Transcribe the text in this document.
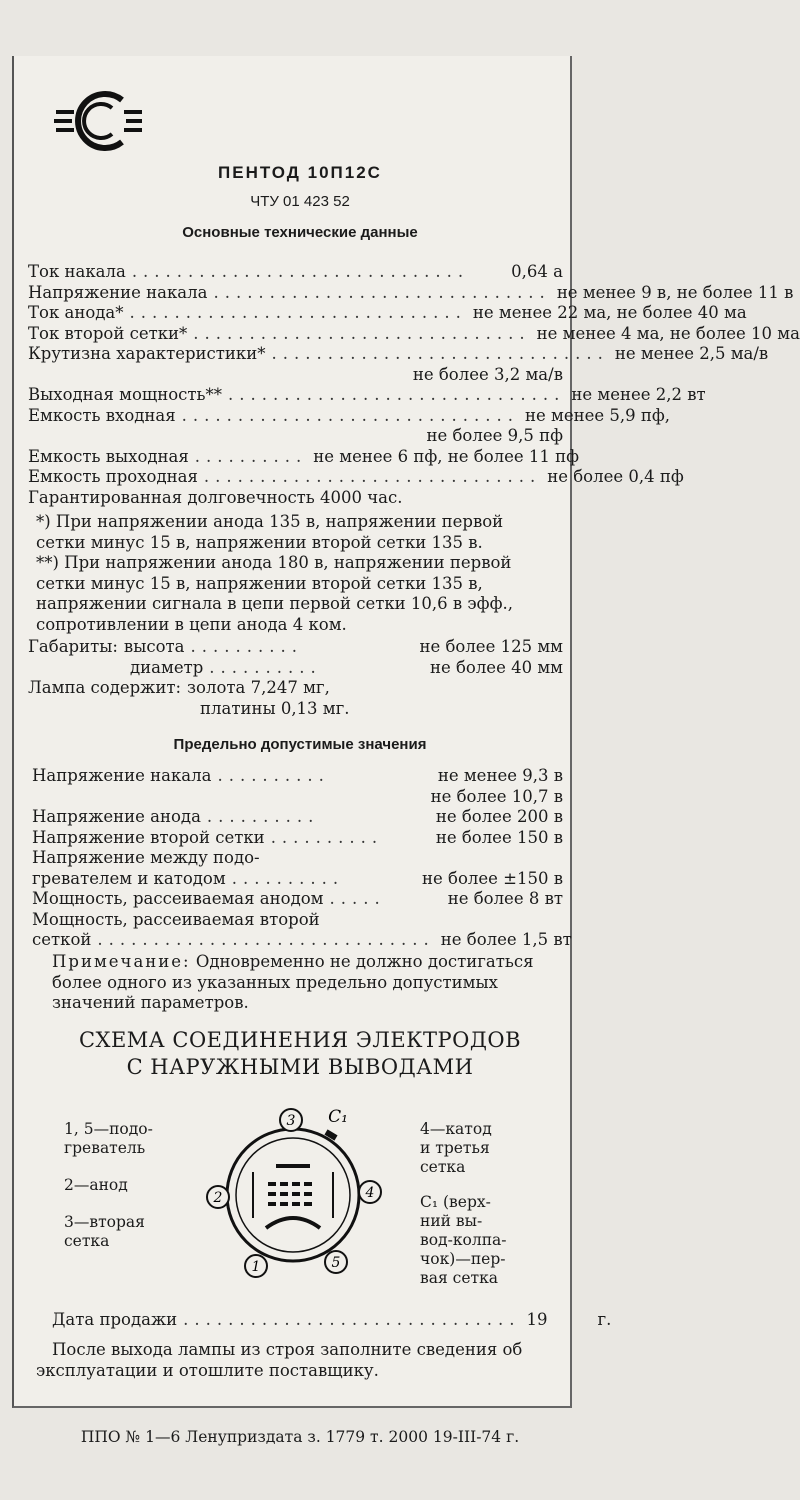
ПЕНТОД 10П12С
ЧТУ 01 423 52
Основные технические данные
Ток накала ..............................	0,64 а
Напряжение накала .............................. не менее 9 в, не более 11 в
Ток анода* .............................. не менее 22 ма, не более 40 ма
Ток второй сетки* .............................. не менее 4 ма, не более 10 ма
Крутизна характеристики* .............................. не менее 2,5 ма/в
не более 3,2 ма/в
Выходная мощность** .............................. не менее 2,2 вт
Емкость входная .............................. не менее 5,9 пф,
не более 9,5 пф
Емкость выходная .......... не менее 6 пф, не более 11 пф
Емкость проходная .............................. не более 0,4 пф
Гарантированная долговечность 4000 час.
*) При напряжении анода 135 в, напряжении первой сетки минус 15 в, напряжении второй сетки 135 в.
**) При напряжении анода 180 в, напряжении первой сетки минус 15 в, напряжении второй сетки 135 в, напряжении сигнала в цепи первой сетки 10,6 в эфф., сопротивлении в цепи анода 4 ком.
Габариты: высота ..........	не более 125 мм
диаметр ..........	не более 40 мм
Лампа содержит: золота 7,247 мг,
платины 0,13 мг.
Предельно допустимые значения
Напряжение накала ..........	не менее 9,3 в
не более 10,7 в
Напряжение анода ..........	не более 200 в
Напряжение второй сетки ..........	не более 150 в
Напряжение между подо-
гревателем и катодом ..........	не более ±150 в
Мощность, рассеиваемая анодом .....	не более 8 вт
Мощность, рассеиваемая второй
сеткой .............................. не более 1,5 вт
Примечание: Одновременно не должно достигаться более одного из указанных предельно допустимых значений параметров.
СХЕМА СОЕДИНЕНИЯ ЭЛЕКТРОДОВ
С НАРУЖНЫМИ ВЫВОДАМИ
1, 5—подо-
греватель
2—анод
3—вторая
сетка
4—катод
и третья
сетка
C₁ (верх-
ний вы-
вод-колпа-
чок)—пер-
вая сетка
3
2	4
1	5
C₁
Дата продажи .............................. 19	г.
После выхода лампы из строя заполните сведения об эксплуатации и отошлите поставщику.
ППО № 1—6 Ленуприздата з. 1779 т. 2000 19-III-74 г.
